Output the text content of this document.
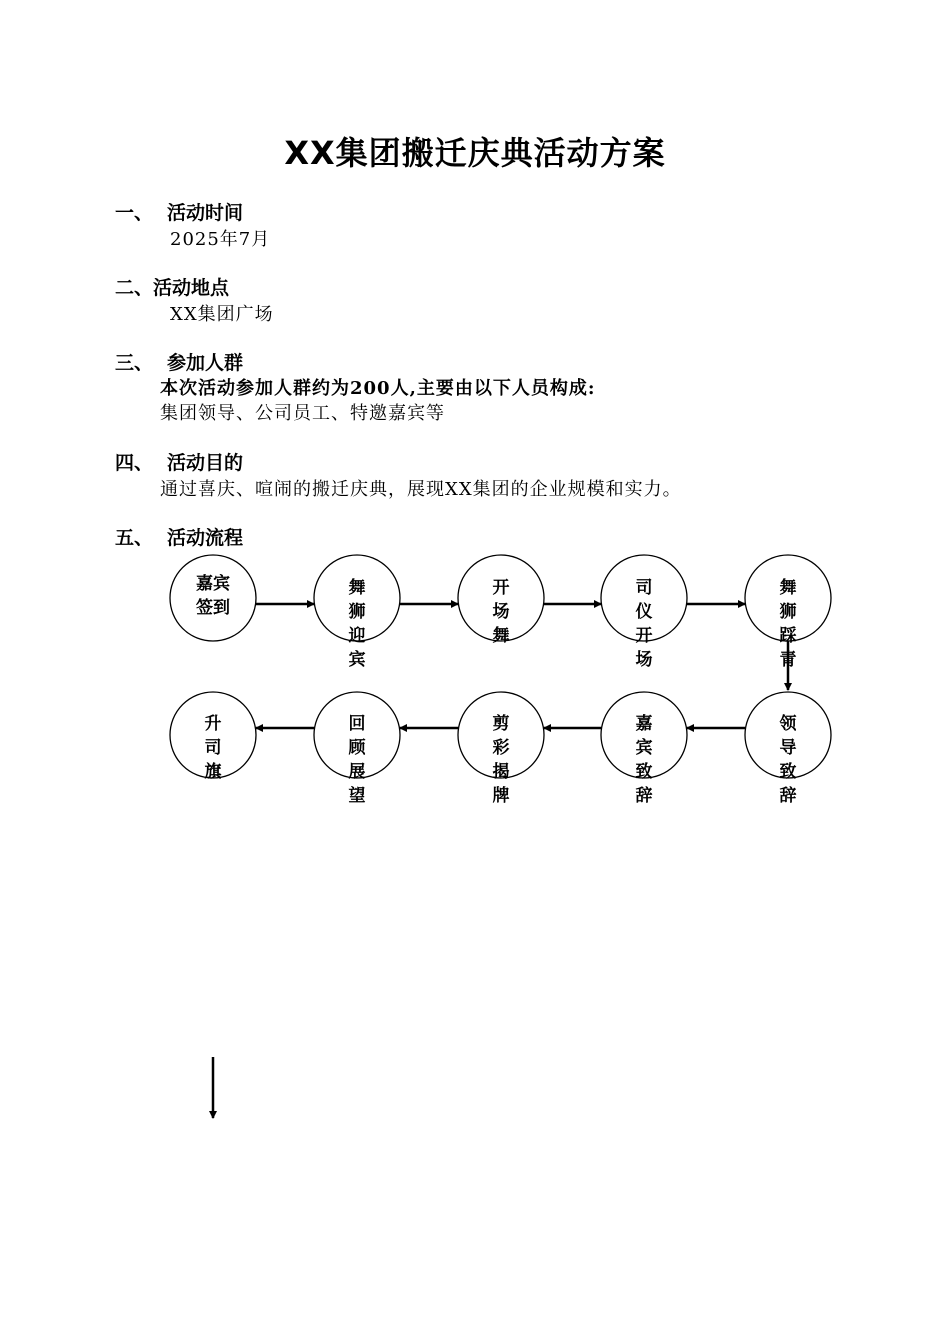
XX集团搬迁庆典活动方案
一、 活动时间
2025年7月
二、活动地点
XX集团广场
三、 参加人群
本次活动参加人群约为200人,主要由以下人员构成:
集团领导、公司员工、特邀嘉宾等
四、 活动目的
通过喜庆、喧闹的搬迁庆典，展现XX集团的企业规模和实力。
五、 活动流程
嘉宾
签到
舞
狮
迎
宾
开
场
舞
司
仪
开
场
舞
狮
踩
青
升
司
旗
回
顾
展
望
剪
彩
揭
牌
嘉
宾
致
辞
领
导
致
辞
